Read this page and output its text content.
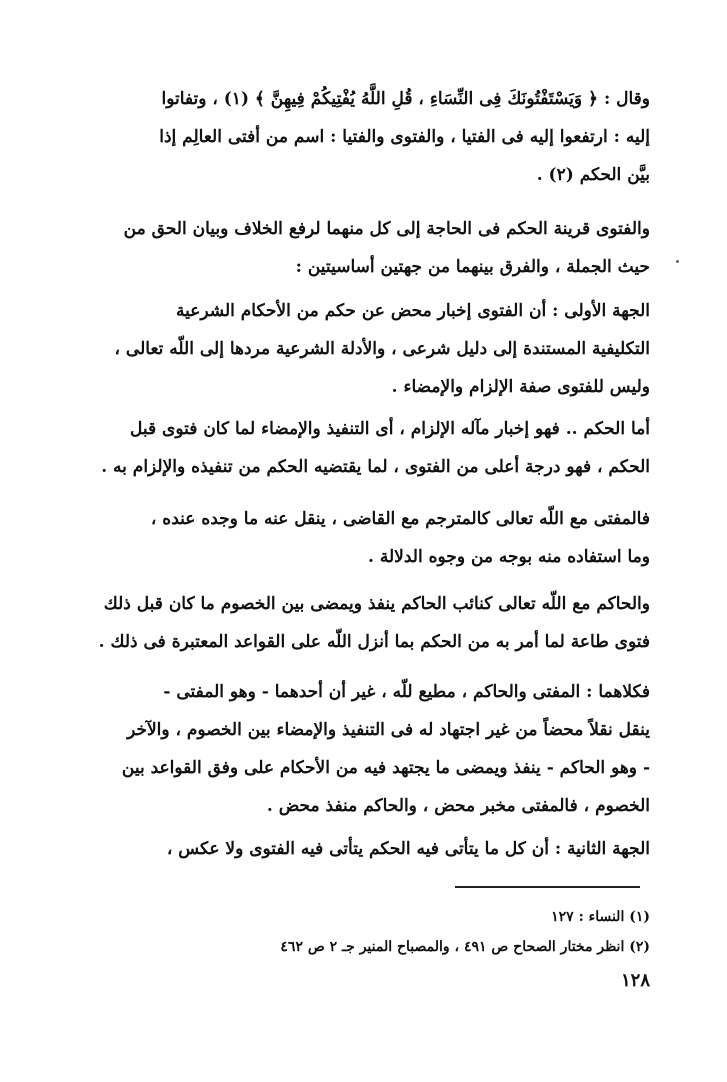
وقال : ﴿ وَيَسْتَفْتُونَكَ فِى النِّسَاءِ ، قُلِ اللَّهُ يُفْتِيكُمْ فِيهِنَّ ﴾ (١) ، وتفاتوا
إليه : ارتفعوا إليه فى الفتيا ، والفتوى والفتيا : اسم من أفتى العالِم إذا
بيَّن الحكم (٢) .
والفتوى قرينة الحكم فى الحاجة إلى كل منهما لرفع الخلاف وبيان الحق من
حيث الجملة ، والفرق بينهما من جهتين أساسيتين :
الجهة الأولى : أن الفتوى إخبار محض عن حكم من الأحكام الشرعية
التكليفية المستندة إلى دليل شرعى ، والأدلة الشرعية مردها إلى اللّه تعالى ،
وليس للفتوى صفة الإلزام والإمضاء .
أما الحكم .. فهو إخبار مآله الإلزام ، أى التنفيذ والإمضاء لما كان فتوى قبل
الحكم ، فهو درجة أعلى من الفتوى ، لما يقتضيه الحكم من تنفيذه والإلزام به .
فالمفتى مع اللّه تعالى كالمترجم مع القاضى ، ينقل عنه ما وجده عنده ،
وما استفاده منه بوجه من وجوه الدلالة .
والحاكم مع اللّه تعالى كنائب الحاكم ينفذ ويمضى بين الخصوم ما كان قبل ذلك
فتوى طاعة لما أمر به من الحكم بما أنزل اللّه على القواعد المعتبرة فى ذلك .
فكلاهما : المفتى والحاكم ، مطيع للّه ، غير أن أحدهما - وهو المفتى -
ينقل نقلاً محضاً من غير اجتهاد له فى التنفيذ والإمضاء بين الخصوم ، والآخر
- وهو الحاكم - ينفذ ويمضى ما يجتهد فيه من الأحكام على وفق القواعد بين
الخصوم ، فالمفتى مخبر محض ، والحاكم منفذ محض .
الجهة الثانية : أن كل ما يتأتى فيه الحكم يتأتى فيه الفتوى ولا عكس ،
(١) النساء : ١٢٧
(٢) انظر مختار الصحاح ص ٤٩١ ، والمصباح المنير جـ ٢ ص ٤٦٢
١٢٨
